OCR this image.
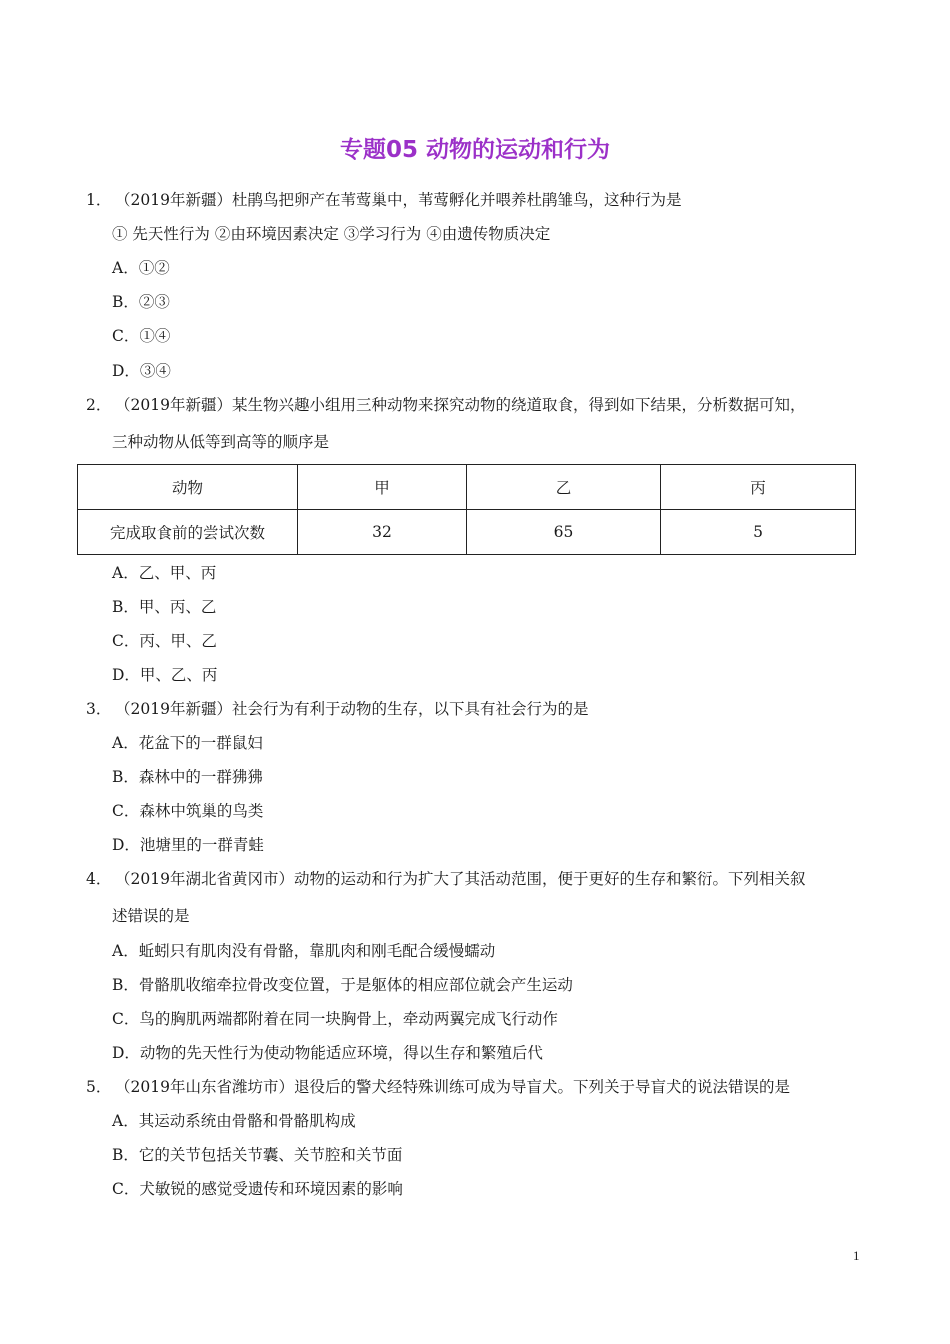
专题05 动物的运动和行为
1． （2019年新疆）杜鹃鸟把卵产在苇莺巢中，苇莺孵化并喂养杜鹃雏鸟，这种行为是
① 先天性行为 ②由环境因素决定 ③学习行为 ④由遗传物质决定
A．①②
B．②③
C．①④
D．③④
2． （2019年新疆）某生物兴趣小组用三种动物来探究动物的绕道取食，得到如下结果，分析数据可知，
三种动物从低等到高等的顺序是
动物	甲	乙	丙
完成取食前的尝试次数	32	65	5
A．乙、甲、丙
B．甲、丙、乙
C．丙、甲、乙
D．甲、乙、丙
3． （2019年新疆）社会行为有利于动物的生存，以下具有社会行为的是
A．花盆下的一群鼠妇
B．森林中的一群狒狒
C．森林中筑巢的鸟类
D．池塘里的一群青蛙
4． （2019年湖北省黄冈市）动物的运动和行为扩大了其活动范围，便于更好的生存和繁衍。下列相关叙
述错误的是
A．蚯蚓只有肌肉没有骨骼，靠肌肉和刚毛配合缓慢蠕动
B．骨骼肌收缩牵拉骨改变位置，于是躯体的相应部位就会产生运动
C．鸟的胸肌两端都附着在同一块胸骨上，牵动两翼完成飞行动作
D．动物的先天性行为使动物能适应环境，得以生存和繁殖后代
5． （2019年山东省潍坊市）退役后的警犬经特殊训练可成为导盲犬。下列关于导盲犬的说法错误的是
A．其运动系统由骨骼和骨骼肌构成
B．它的关节包括关节囊、关节腔和关节面
C．犬敏锐的感觉受遗传和环境因素的影响
1
